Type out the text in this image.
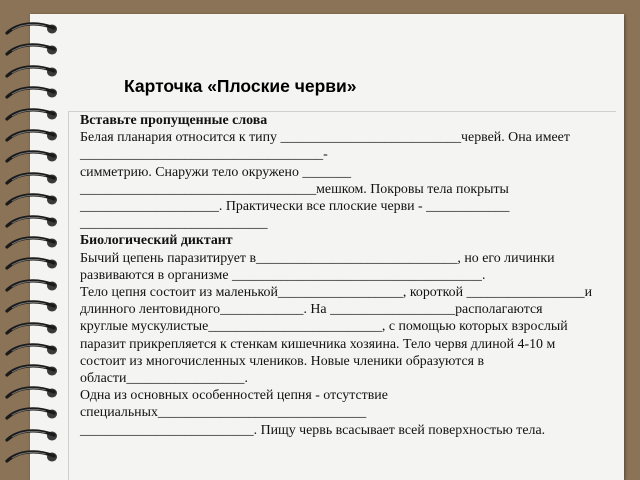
Карточка «Плоские черви»

Вставьте пропущенные слова

Белая планария относится к типу __________________________червей. Она имеет

___________________________________-

симметрию. Снаружи тело окружено _______

__________________________________мешком. Покровы тела покрыты

____________________. Практически все плоские черви - ____________

___________________________

Биологический диктант

Бычий цепень паразитирует в_____________________________, но его личинки

развиваются в организме ____________________________________.

Тело цепня состоит из маленькой__________________, короткой _________________и

длинного лентовидного____________. На __________________располагаются

круглые мускулистые_________________________, с помощью которых взрослый

паразит прикрепляется к стенкам кишечника хозяина. Тело червя длиной 4-10 м

состоит из многочисленных члеников. Новые членики образуются в

области_________________.

Одна из основных особенностей цепня - отсутствие

специальных______________________________

_________________________. Пищу червь всасывает всей поверхностью тела.
